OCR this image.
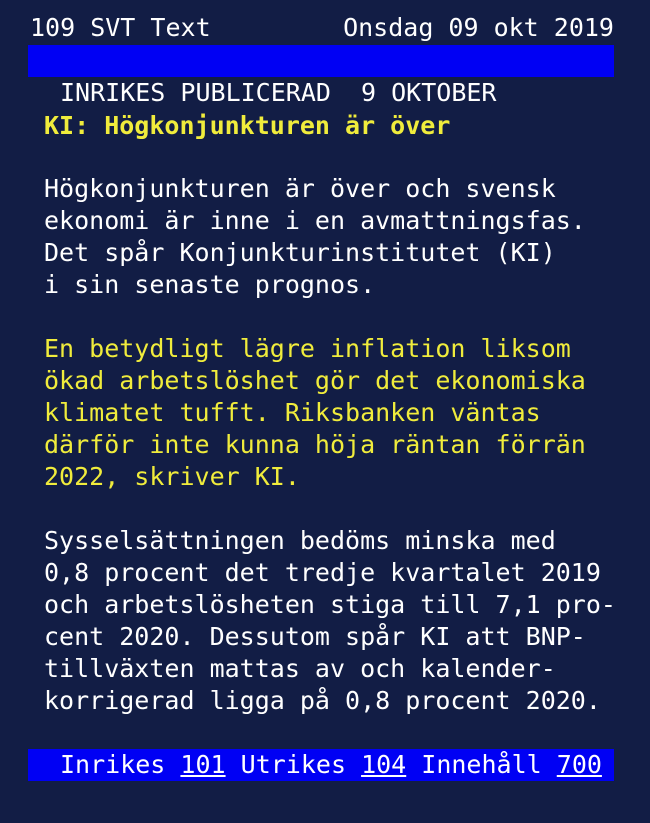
109 SVT Text	Onsdag 09 okt 2019

INRIKES PUBLICERAD  9 OKTOBER

KI: Högkonjunkturen är över
Högkonjunkturen är över och svensk
ekonomi är inne i en avmattningsfas.
Det spår Konjunkturinstitutet (KI)
i sin senaste prognos.
En betydligt lägre inflation liksom
ökad arbetslöshet gör det ekonomiska
klimatet tufft. Riksbanken väntas
därför inte kunna höja räntan förrän
2022, skriver KI.
Sysselsättningen bedöms minska med
0,8 procent det tredje kvartalet 2019
och arbetslösheten stiga till 7,1 pro-
cent 2020. Dessutom spår KI att BNP-
tillväxten mattas av och kalender-
korrigerad ligga på 0,8 procent 2020.

Inrikes 101 Utrikes 104 Innehåll 700
